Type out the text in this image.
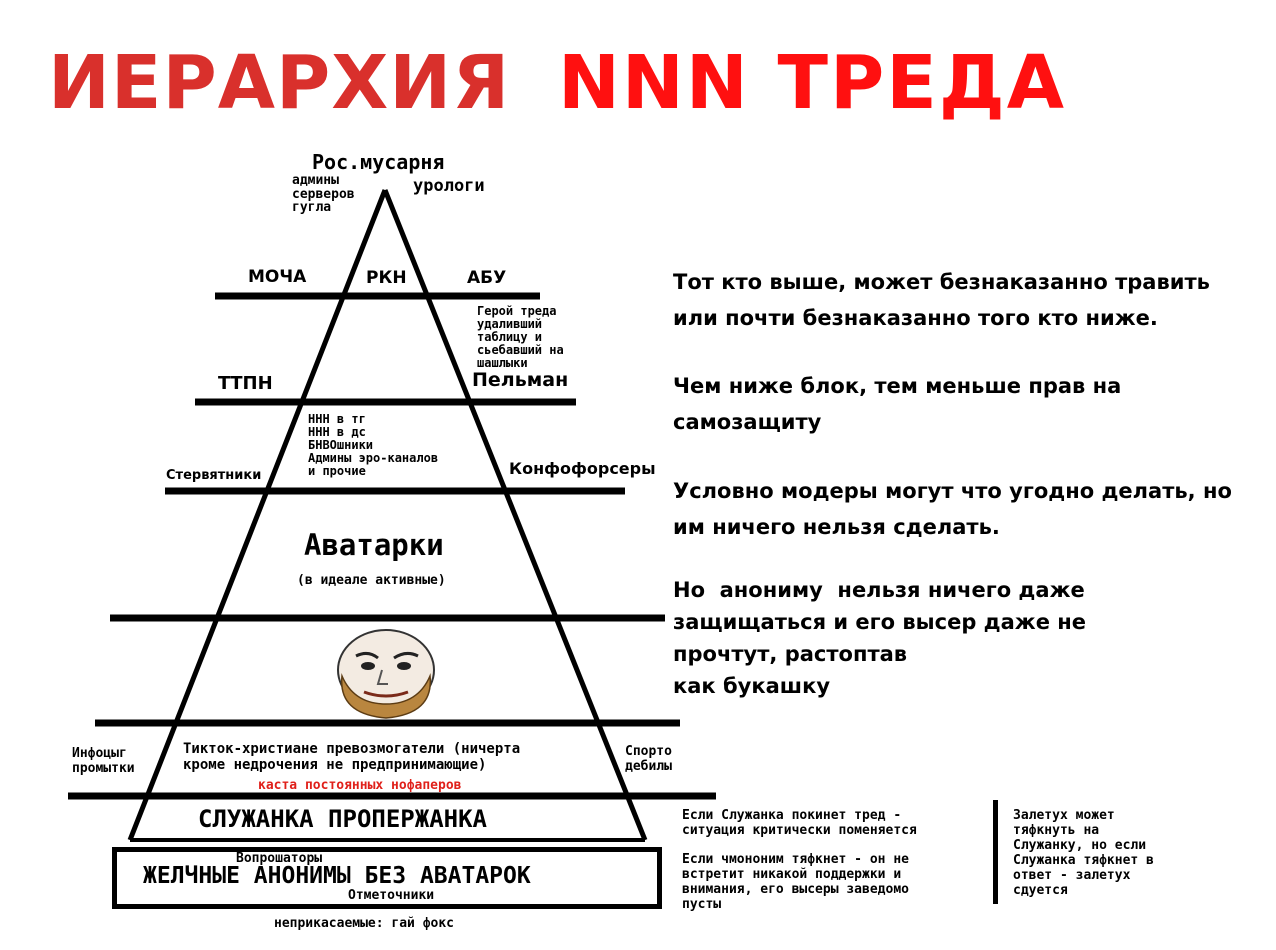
ИЕРАРХИЯ NNN ТРЕДА
Рос.мусарня
админы
серверов
гугла
урологи
МОЧА	РКН	АБУ
Герой треда
удаливший
таблицу и
сьебавший на
шашлыки
ТТПН	Пельман
ННН в тг
ННН в дс
БНВОшники
Админы эро-каналов
и прочие
Стервятники	Конфофорсеры
Аватарки
(в идеале активные)
Тикток-христиане превозмогатели (ничерта
кроме недрочения не предпринимающие)
каста постоянных нофаперов
Инфоцыг
промытки
Спорто
дебилы
СЛУЖАНКА ПРОПЕРЖАНКА
Вопрошаторы
ЖЕЛЧНЫЕ АНОНИМЫ БЕЗ АВАТАРОК
Отметочники
неприкасаемые: гай фокс
Тот кто выше, может безнаказанно травить
или почти безнаказанно того кто ниже.
Чем ниже блок, тем меньше прав на
самозащиту
Условно модеры могут что угодно делать, но
им ничего нельзя сделать.
Но  анониму  нельзя ничего даже
защищаться и его высер даже не
прочтут, растоптав
как букашку
Если Служанка покинет тред -
ситуация критически поменяется
Если чмононим тяфкнет - он не
встретит никакой поддержки и
внимания, его высеры заведомо
пусты
Залетух может
тяфкнуть на
Служанку, но если
Служанка тяфкнет в
ответ - залетух
сдуется
